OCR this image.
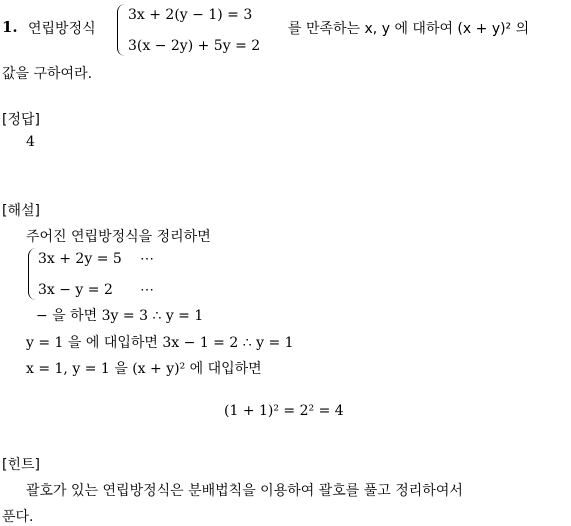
1. 연립방정식
3x + 2(y − 1) = 3
3(x − 2y) + 5y = 2
를 만족하는 x, y 에 대하여 (x + y)² 의
값을 구하여라.
[정답]
4
[해설]
주어진 연립방정식을 정리하면
3x + 2y = 5 ⋯
3x − y = 2 ⋯
− 을 하면 3y = 3 ∴ y = 1
y = 1 을 에 대입하면 3x − 1 = 2 ∴ y = 1
x = 1, y = 1 을 (x + y)² 에 대입하면
(1 + 1)² = 2² = 4
[힌트]
괄호가 있는 연립방정식은 분배법칙을 이용하여 괄호를 풀고 정리하여서
푼다.
